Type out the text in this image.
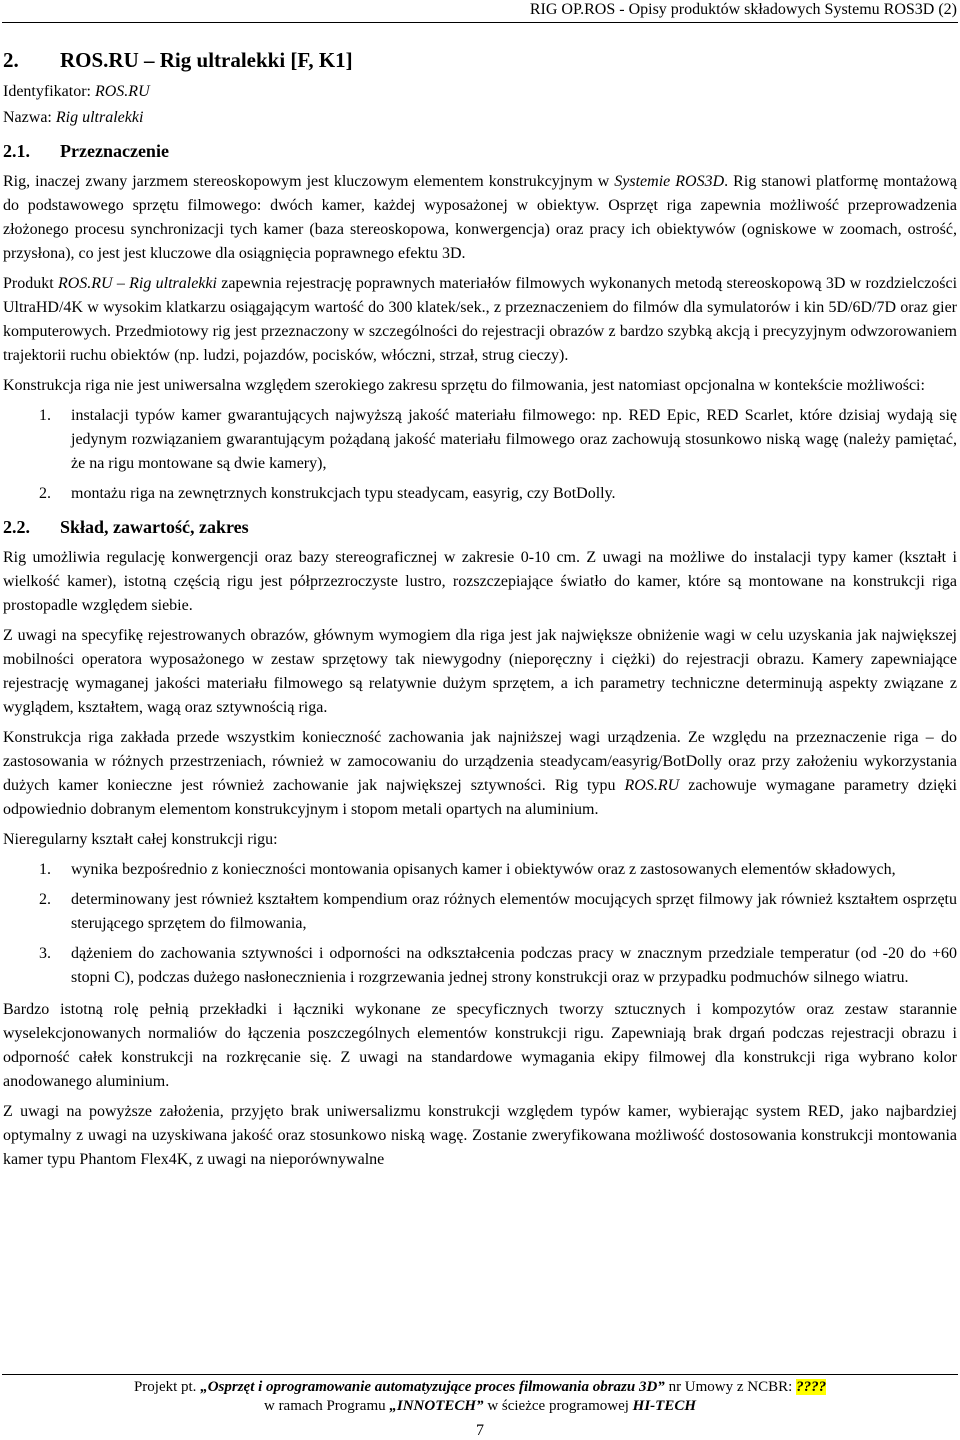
RIG OP.ROS - Opisy produktów składowych Systemu ROS3D (2)
2. ROS.RU – Rig ultralekki [F, K1]
Identyfikator: ROS.RU
Nazwa: Rig ultralekki
2.1. Przeznaczenie

Rig, inaczej zwany jarzmem stereoskopowym jest kluczowym elementem konstrukcyjnym w Systemie ROS3D. Rig stanowi platformę montażową do podstawowego sprzętu filmowego: dwóch kamer, każdej wyposażonej w obiektyw. Osprzęt riga zapewnia możliwość przeprowadzenia złożonego procesu synchronizacji tych kamer (baza stereoskopowa, konwergencja) oraz pracy ich obiektywów (ogniskowe w zoomach, ostrość, przysłona), co jest jest kluczowe dla osiągnięcia poprawnego efektu 3D.

Produkt ROS.RU – Rig ultralekki zapewnia rejestrację poprawnych materiałów filmowych wykonanych metodą stereoskopową 3D w rozdzielczości UltraHD/4K w wysokim klatkarzu osiągającym wartość do 300 klatek/sek., z przeznaczeniem do filmów dla symulatorów i kin 5D/6D/7D oraz gier komputerowych. Przedmiotowy rig jest przeznaczony w szczególności do rejestracji obrazów z bardzo szybką akcją i precyzyjnym odwzorowaniem trajektorii ruchu obiektów (np. ludzi, pojazdów, pocisków, włóczni, strzał, strug cieczy).

Konstrukcja riga nie jest uniwersalna względem szerokiego zakresu sprzętu do filmowania, jest natomiast opcjonalna w kontekście możliwości:

1. instalacji typów kamer gwarantujących najwyższą jakość materiału filmowego: np. RED Epic, RED Scarlet, które dzisiaj wydają się jedynym rozwiązaniem gwarantującym pożądaną jakość materiału filmowego oraz zachowują stosunkowo niską wagę (należy pamiętać, że na rigu montowane są dwie kamery),
2. montażu riga na zewnętrznych konstrukcjach typu steadycam, easyrig, czy BotDolly.
2.2. Skład, zawartość, zakres

Rig umożliwia regulację konwergencji oraz bazy stereograficznej w zakresie 0-10 cm. Z uwagi na możliwe do instalacji typy kamer (kształt i wielkość kamer), istotną częścią rigu jest półprzezroczyste lustro, rozszczepiające światło do kamer, które są montowane na konstrukcji riga prostopadle względem siebie.

Z uwagi na specyfikę rejestrowanych obrazów, głównym wymogiem dla riga jest jak największe obniżenie wagi w celu uzyskania jak największej mobilności operatora wyposażonego w zestaw sprzętowy tak niewygodny (nieporęczny i ciężki) do rejestracji obrazu. Kamery zapewniające rejestrację wymaganej jakości materiału filmowego są relatywnie dużym sprzętem, a ich parametry techniczne determinują aspekty związane z wyglądem, kształtem, wagą oraz sztywnością riga.

Konstrukcja riga zakłada przede wszystkim konieczność zachowania jak najniższej wagi urządzenia. Ze względu na przeznaczenie riga – do zastosowania w różnych przestrzeniach, również w zamocowaniu do urządzenia steadycam/easyrig/BotDolly oraz przy założeniu wykorzystania dużych kamer konieczne jest również zachowanie jak największej sztywności. Rig typu ROS.RU zachowuje wymagane parametry dzięki odpowiednio dobranym elementom konstrukcyjnym i stopom metali opartych na aluminium.

Nieregularny kształt całej konstrukcji rigu:

1. wynika bezpośrednio z konieczności montowania opisanych kamer i obiektywów oraz z zastosowanych elementów składowych,
2. determinowany jest również kształtem kompendium oraz różnych elementów mocujących sprzęt filmowy jak również kształtem osprzętu sterującego sprzętem do filmowania,
3. dążeniem do zachowania sztywności i odporności na odkształcenia podczas pracy w znacznym przedziale temperatur (od -20 do +60 stopni C), podczas dużego nasłonecznienia i rozgrzewania jednej strony konstrukcji oraz w przypadku podmuchów silnego wiatru.

Bardzo istotną rolę pełnią przekładki i łączniki wykonane ze specyficznych tworzy sztucznych i kompozytów oraz zestaw starannie wyselekcjonowanych normaliów do łączenia poszczególnych elementów konstrukcji rigu. Zapewniają brak drgań podczas rejestracji obrazu i odporność całek konstrukcji na rozkręcanie się. Z uwagi na standardowe wymagania ekipy filmowej dla konstrukcji riga wybrano kolor anodowanego aluminium.

Z uwagi na powyższe założenia, przyjęto brak uniwersalizmu konstrukcji względem typów kamer, wybierając system RED, jako najbardziej optymalny z uwagi na uzyskiwana jakość oraz stosunkowo niską wagę. Zostanie zweryfikowana możliwość dostosowania konstrukcji montowania kamer typu Phantom Flex4K, z uwagi na nieporównywalne

Projekt pt. „Osprzęt i oprogramowanie automatyzujące proces filmowania obrazu 3D” nr Umowy z NCBR: ????
w ramach Programu „INNOTECH” w ścieżce programowej HI-TECH
7
